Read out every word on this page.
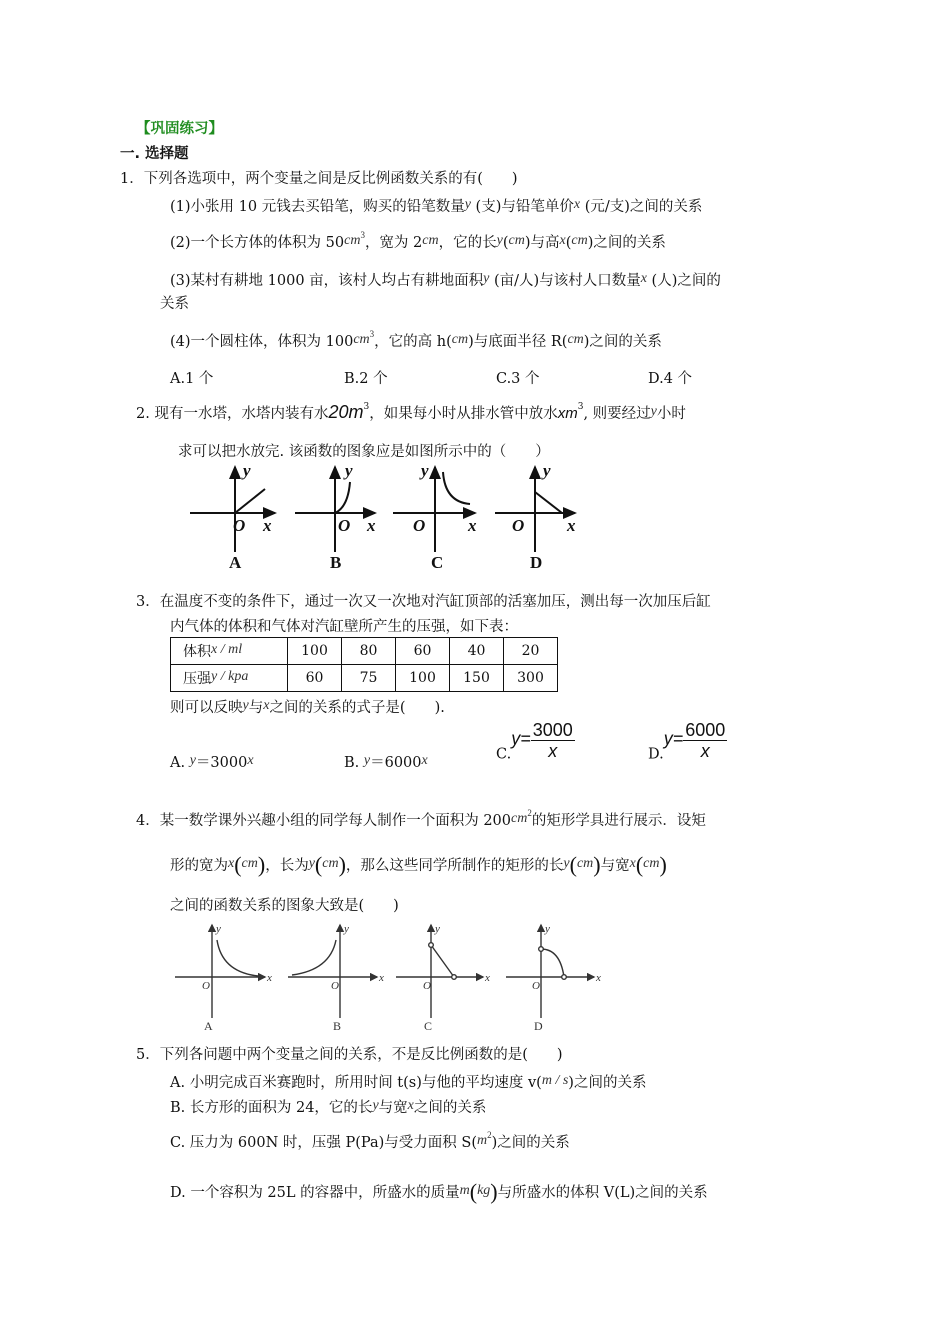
【巩固练习】
一. 选择题
1．下列各选项中，两个变量之间是反比例函数关系的有(　　)
(1)小张用 10 元钱去买铅笔，购买的铅笔数量y (支)与铅笔单价x (元/支)之间的关系
(2)一个长方体的体积为 $50cm^3$，宽为 2cm，它的长y(cm)与高x(cm)之间的关系
(3)某村有耕地 1000 亩，该村人均占有耕地面积y (亩/人)与该村人口数量x (人)之间的
关系
(4)一个圆柱体，体积为 $100cm^3$，它的高 h(cm)与底面半径 R(cm)之间的关系
A.1 个	B.2 个	C.3 个	D.4 个
2. 现有一水塔，水塔内装有水$20m^3$，如果每小时从排水管中放水$xm^3$, 则要经过y小时
求可以把水放完. 该函数的图象应是如图所示中的（　　）
y
O x
y
O x
y
O	x
y
O	x
A	B	C	D
3．在温度不变的条件下，通过一次又一次地对汽缸顶部的活塞加压，测出每一次加压后缸
内气体的体积和气体对汽缸壁所产生的压强，如下表：
体积x / ml	100	80	60	40	20
压强y / kpa	60	75	100	150	300
则可以反映y与x之间的关系的式子是(　　).
A. y＝3000x	B. y＝6000x	$C.y= \frac{3000}{x}$	$D.y= \frac{6000}{x}$
4．某一数学课外兴趣小组的同学每人制作一个面积为 $200cm^2$的矩形学具进行展示．设矩
形的宽为x(cm)，长为y(cm)，那么这些同学所制作的矩形的长y(cm)与宽x(cm)
之间的函数关系的图象大致是(　　)
y
O
x
y
O
x
y
O
x
y
O
x
A	B	C	D
5．下列各问题中两个变量之间的关系，不是反比例函数的是(　　)
A. 小明完成百米赛跑时，所用时间 t(s)与他的平均速度 v(m / s)之间的关系
B. 长方形的面积为 24，它的长y与宽x之间的关系
C. 压力为 600N 时，压强 P(Pa)与受力面积 $S(m^2)$之间的关系
D. 一个容积为 25L 的容器中，所盛水的质量m(kg)与所盛水的体积 V(L)之间的关系
